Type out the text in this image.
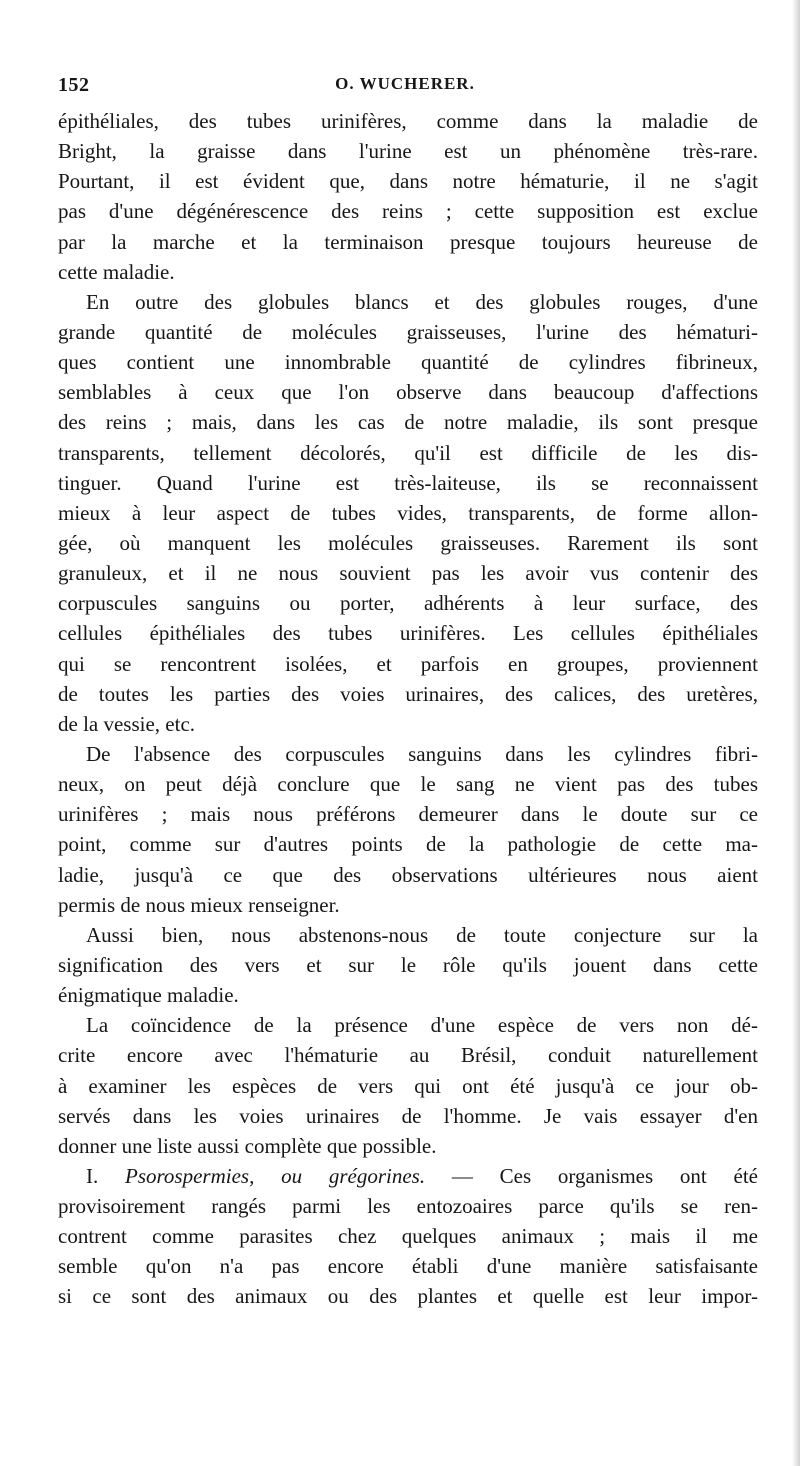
152	O. WUCHERER.
épithéliales, des tubes urinifères, comme dans la maladie de
Bright, la graisse dans l'urine est un phénomène très-rare.
Pourtant, il est évident que, dans notre hématurie, il ne s'agit
pas d'une dégénérescence des reins ; cette supposition est exclue
par la marche et la terminaison presque toujours heureuse de
cette maladie.
En outre des globules blancs et des globules rouges, d'une
grande quantité de molécules graisseuses, l'urine des hématuri-
ques contient une innombrable quantité de cylindres fibrineux,
semblables à ceux que l'on observe dans beaucoup d'affections
des reins ; mais, dans les cas de notre maladie, ils sont presque
transparents, tellement décolorés, qu'il est difficile de les dis-
tinguer. Quand l'urine est très-laiteuse, ils se reconnaissent
mieux à leur aspect de tubes vides, transparents, de forme allon-
gée, où manquent les molécules graisseuses. Rarement ils sont
granuleux, et il ne nous souvient pas les avoir vus contenir des
corpuscules sanguins ou porter, adhérents à leur surface, des
cellules épithéliales des tubes urinifères. Les cellules épithéliales
qui se rencontrent isolées, et parfois en groupes, proviennent
de toutes les parties des voies urinaires, des calices, des uretères,
de la vessie, etc.
De l'absence des corpuscules sanguins dans les cylindres fibri-
neux, on peut déjà conclure que le sang ne vient pas des tubes
urinifères ; mais nous préférons demeurer dans le doute sur ce
point, comme sur d'autres points de la pathologie de cette ma-
ladie, jusqu'à ce que des observations ultérieures nous aient
permis de nous mieux renseigner.
Aussi bien, nous abstenons-nous de toute conjecture sur la
signification des vers et sur le rôle qu'ils jouent dans cette
énigmatique maladie.
La coïncidence de la présence d'une espèce de vers non dé-
crite encore avec l'hématurie au Brésil, conduit naturellement
à examiner les espèces de vers qui ont été jusqu'à ce jour ob-
servés dans les voies urinaires de l'homme. Je vais essayer d'en
donner une liste aussi complète que possible.
I. Psorospermies, ou grégorines. — Ces organismes ont été
provisoirement rangés parmi les entozoaires parce qu'ils se ren-
contrent comme parasites chez quelques animaux ; mais il me
semble qu'on n'a pas encore établi d'une manière satisfaisante
si ce sont des animaux ou des plantes et quelle est leur impor-
